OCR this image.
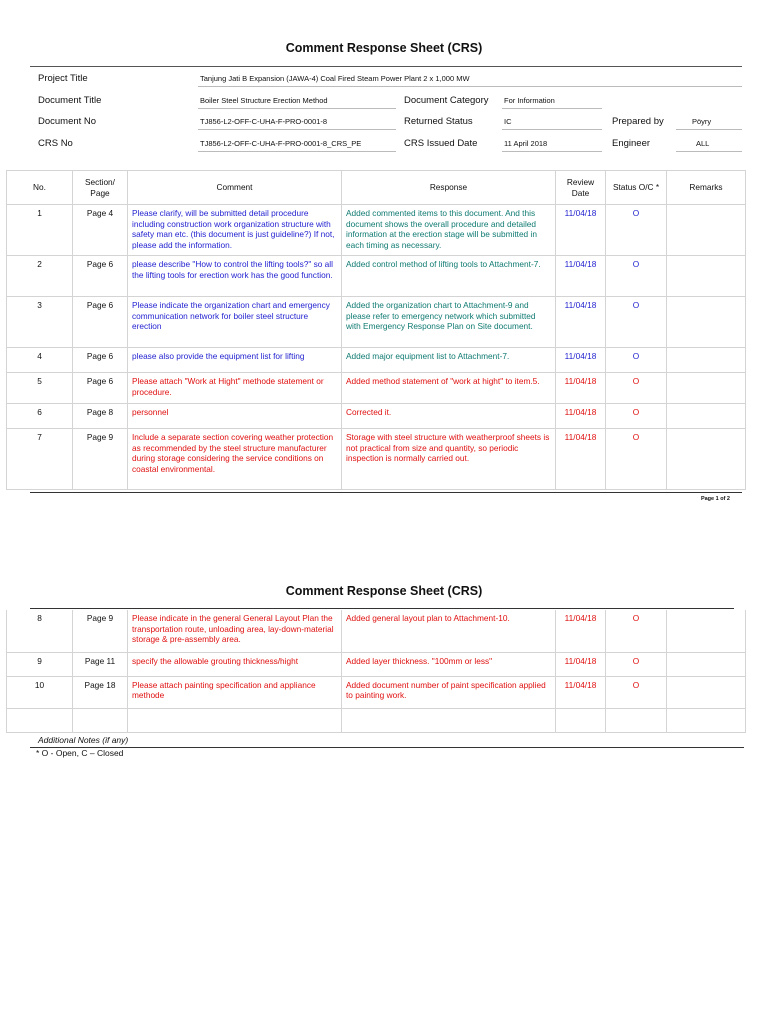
Comment Response Sheet (CRS)
Project Title	Tanjung Jati B Expansion (JAWA-4) Coal Fired Steam Power Plant 2 x 1,000 MW
Document Title	Boiler Steel Structure Erection Method	Document Category For Information
Document No	TJ856-L2-OFF-C-UHA-F-PRO-0001-8	Returned Status	IC	Prepared by	Pöyry
CRS No	TJ856-L2-OFF-C-UHA-F-PRO-0001-8_CRS_PE	CRS Issued Date	11 April 2018	Engineer	ALL
No.	Section/ Page	Comment	Response	Review Date	Status O/C *	Remarks
1	Page 4	Please clarify, will be submitted detail procedure including construction work organization structure with safety man etc. (this document is just guideline?) If not, please add the information.	Added commented items to this document. And this document shows the overall procedure and detailed information at the erection stage will be submitted in each timing as necessary.	11/04/18	O	
2	Page 6	please describe "How to control the lifting tools?" so all the lifting tools for erection work has the good function.	Added control method of lifting tools to Attachment-7.	11/04/18	O	
3	Page 6	Please indicate the organization chart and emergency communication network for boiler steel structure erection	Added the organization chart to Attachment-9 and please refer to emergency network which submitted with Emergency Response Plan on Site document.	11/04/18	O	
4	Page 6	please also provide the equipment list for lifting	Added major equipment list to Attachment-7.	11/04/18	O	
5	Page 6	Please attach "Work at Hight" methode statement or procedure.	Added method statement of "work at hight" to item.5.	11/04/18	O	
6	Page 8	personnel	Corrected it.	11/04/18	O	
7	Page 9	Include a separate section covering weather protection as recommended by the steel structure manufacturer during storage considering the service conditions on coastal environmental.	Storage with steel structure with weatherproof sheets is not practical from size and quantity, so periodic inspection is normally carried out.	11/04/18	O	
Page 1 of 2
Comment Response Sheet (CRS)
8	Page 9	Please indicate in the general General Layout Plan the transportation route, unloading area, lay-down-material storage & pre-assembly area.	Added general layout plan to Attachment-10.	11/04/18	O	
9	Page 11	specify the allowable grouting thickness/hight	Added layer thickness. "100mm or less"	11/04/18	O	
10	Page 18	Please attach painting specification and appliance methode	Added document number of paint specification applied to painting work.	11/04/18	O	

Additional Notes (if any)
* O - Open, C – Closed
